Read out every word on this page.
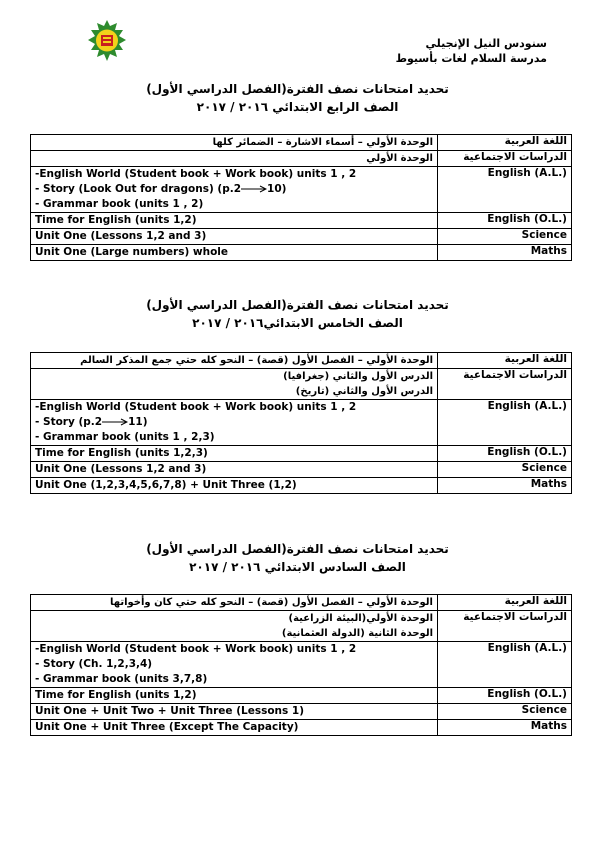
سنودس النيل الإنجيلي
مدرسة السلام لغات بأسيوط
تحديد امتحانات نصف الفترة(الفصل الدراسي الأول)
الصف الرابع الابتدائي ٢٠١٦ / ٢٠١٧
الوحدة الأولي – أسماء الاشارة – الضمائر كلها	اللغة العربية

الوحدة الأولي	الدراسات الاجتماعية

-English World (Student book + Work book) units 1 , 2
- Story (Look Out for dragons) (p.2 10)
- Grammar book (units 1 , 2)	English (A.L.)

Time for English (units 1,2)	English (O.L.)

Unit One (Lessons 1,2 and 3)	Science

Unit One (Large numbers) whole	Maths
تحديد امتحانات نصف الفترة(الفصل الدراسي الأول)
الصف الخامس الابتدائي٢٠١٦ / ٢٠١٧
الوحدة الأولي – الفصل الأول (قصة) – النحو كله حتي جمع المذكر السالم	اللغة العربية

الدرس الأول والثاني (جغرافيا)
الدرس الأول والثاني (تاريخ)	الدراسات الاجتماعية

-English World (Student book + Work book) units 1 , 2
- Story (p.2 11)
- Grammar book (units 1 , 2,3)	English (A.L.)

Time for English (units 1,2,3)	English (O.L.)

Unit One (Lessons 1,2 and 3)	Science

Unit One (1,2,3,4,5,6,7,8) + Unit Three (1,2)	Maths
تحديد امتحانات نصف الفترة(الفصل الدراسي الأول)
الصف السادس الابتدائي ٢٠١٦ / ٢٠١٧
الوحدة الأولي – الفصل الأول (قصة) – النحو كله حتي كان وأخواتها	اللغة العربية

الوحدة الأولي(البيئة الزراعية)
الوحدة الثانية (الدولة العثمانية)	الدراسات الاجتماعية

-English World (Student book + Work book) units 1 , 2
- Story (Ch. 1,2,3,4)
- Grammar book (units 3,7,8)	English (A.L.)

Time for English (units 1,2)	English (O.L.)

Unit One + Unit Two + Unit Three (Lessons 1)	Science

Unit One + Unit Three (Except The Capacity)	Maths
